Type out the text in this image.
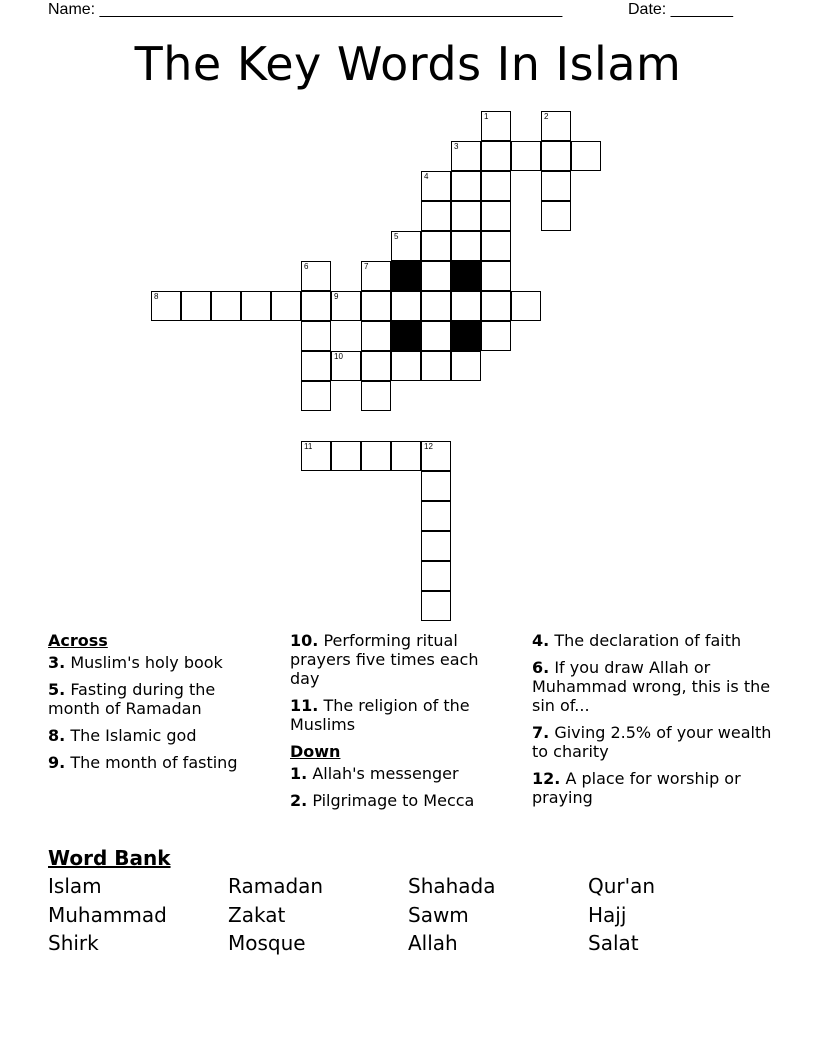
Name: ____________________________________________________	Date: _______
The Key Words In Islam
1	2
3
4
5
6	7
8	9
10
11	12
Across
3. Muslim's holy book
5. Fasting during the month of Ramadan
8. The Islamic god
9. The month of fasting
10. Performing ritual prayers five times each day
11. The religion of the Muslims
Down
1. Allah's messenger
2. Pilgrimage to Mecca
4. The declaration of faith
6. If you draw Allah or Muhammad wrong, this is the sin of...
7. Giving 2.5% of your wealth to charity
12. A place for worship or praying
Word Bank
Islam	Ramadan	Shahada	Qur'an
Muhammad	Zakat	Sawm	Hajj
Shirk	Mosque	Allah	Salat
